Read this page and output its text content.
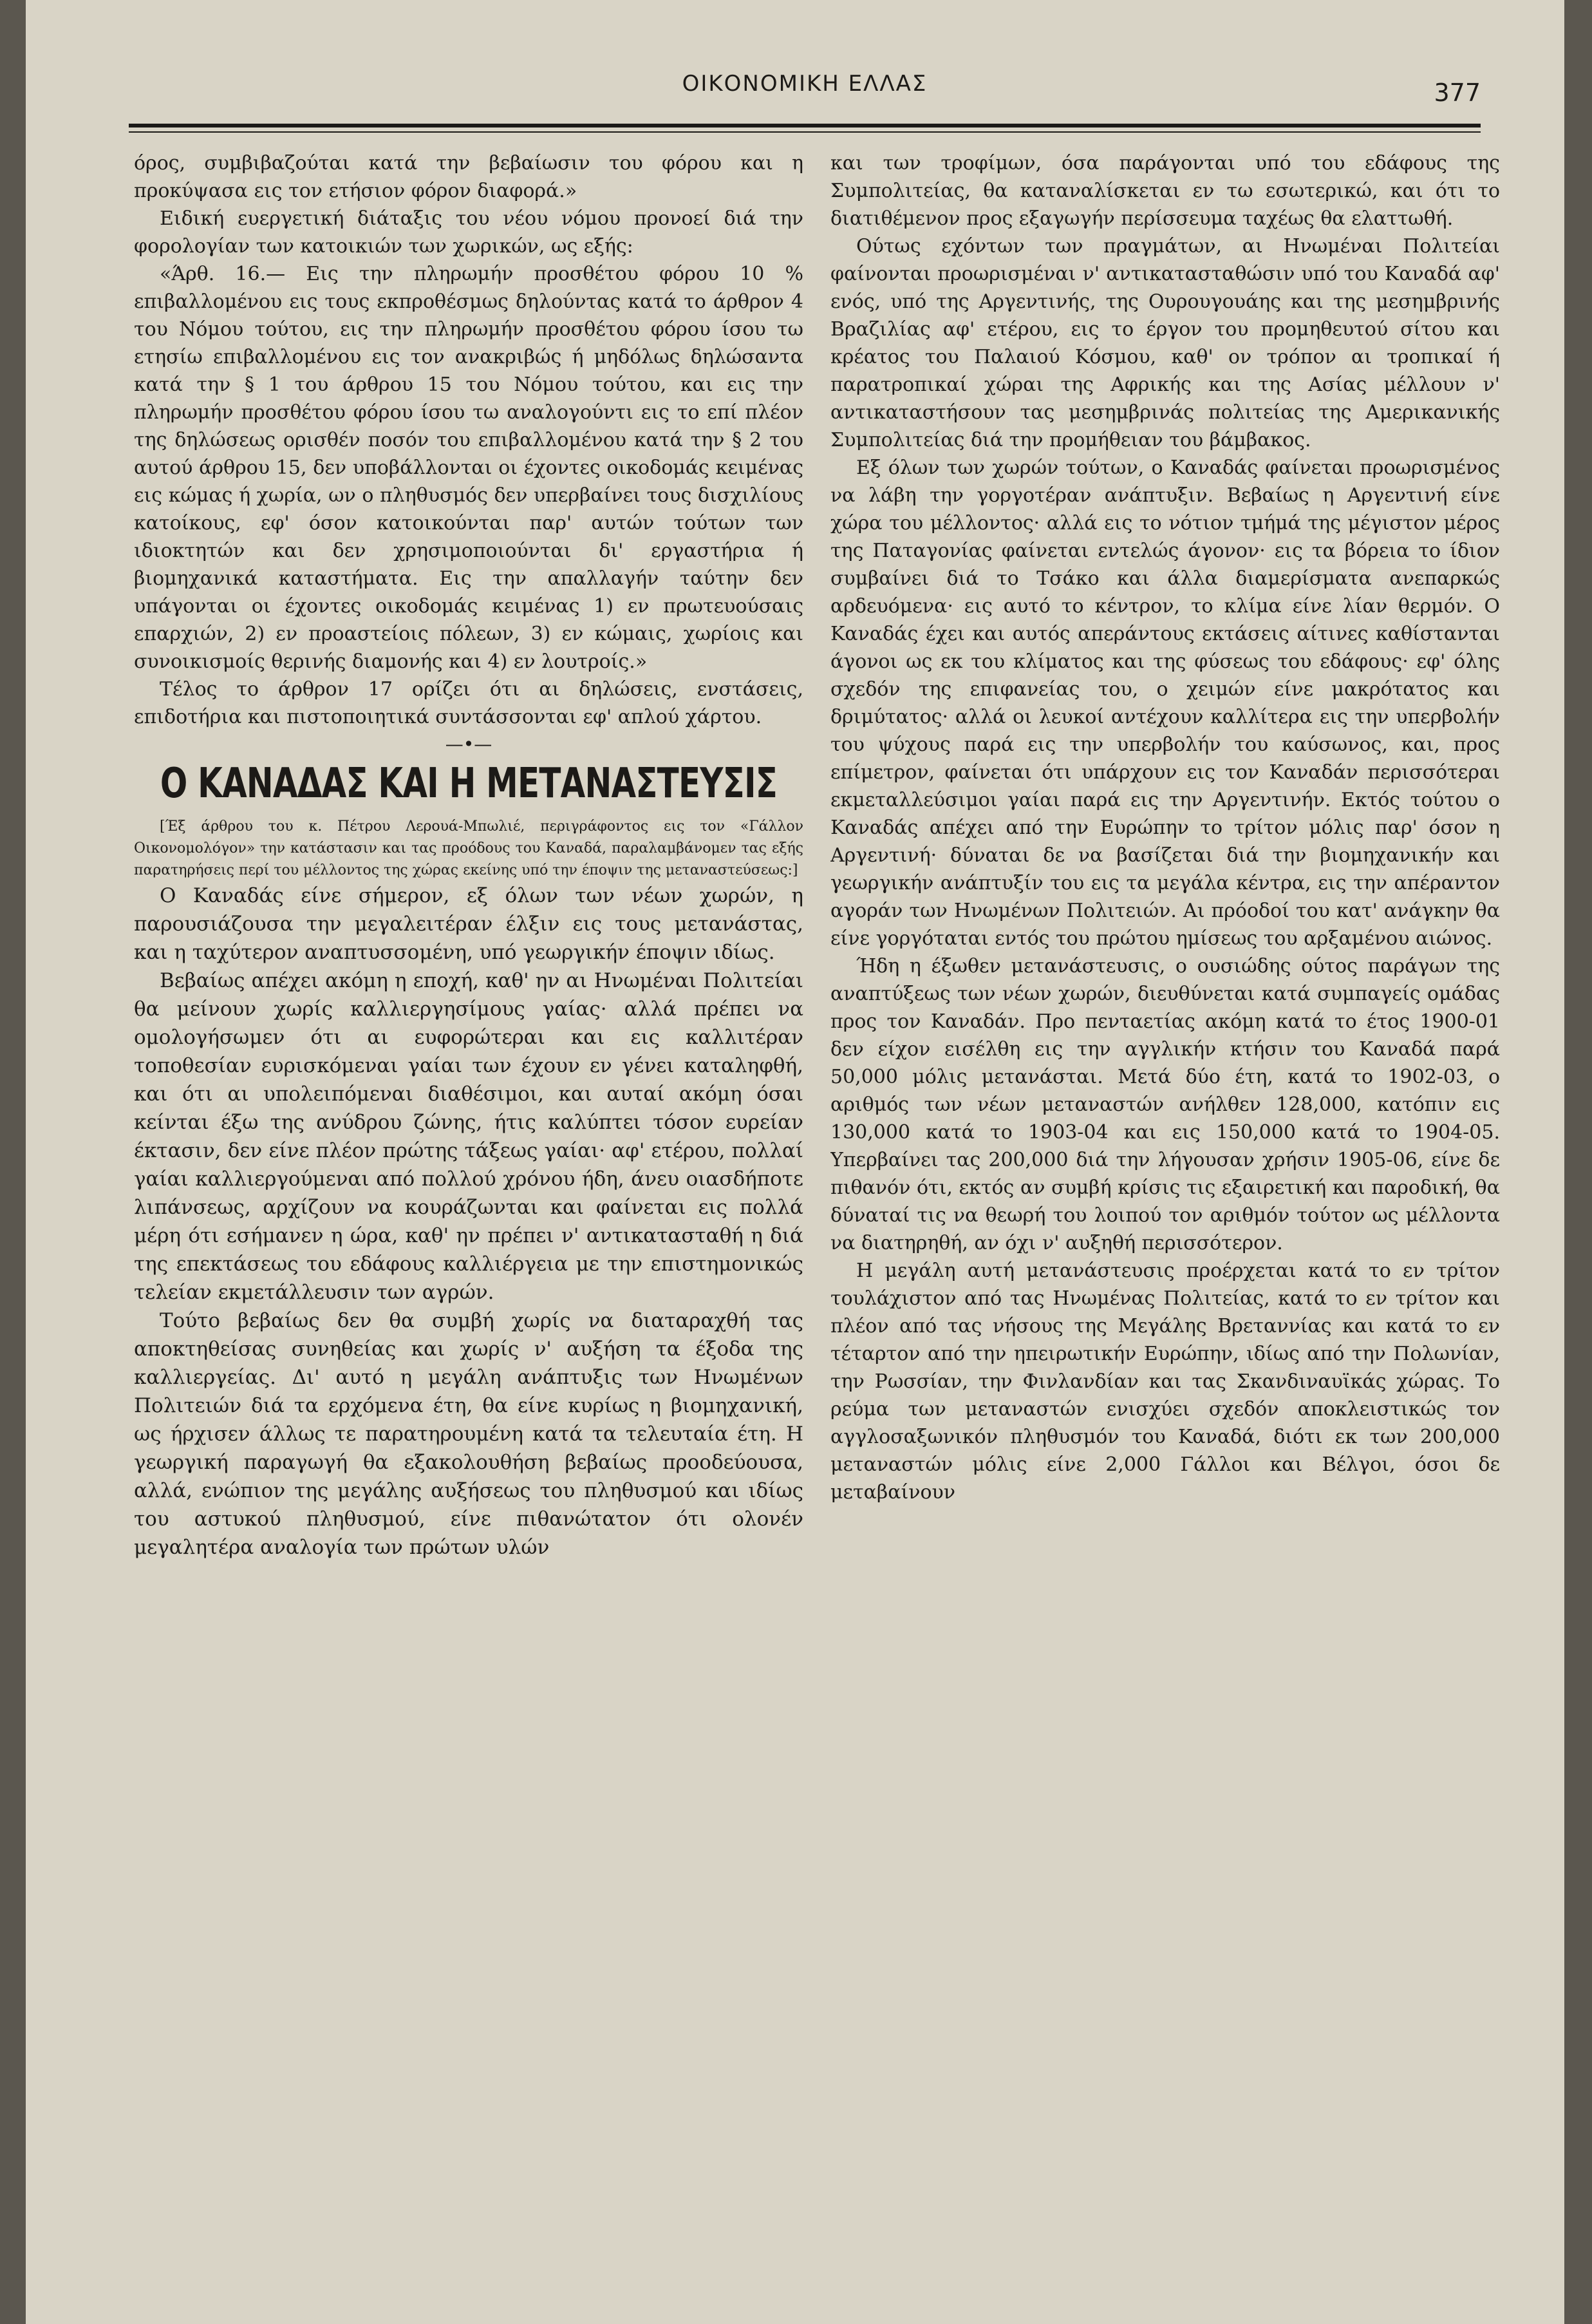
ΟΙΚΟΝΟΜΙΚΗ ΕΛΛΑΣ	377

όρος, συμβιβαζούται κατά την βεβαίωσιν του φόρου και η προκύψασα εις τον ετήσιον φόρον διαφορά.»

Ειδική ευεργετική διάταξις του νέου νόμου προνοεί διά την φορολογίαν των κατοικιών των χωρικών, ως εξής:

«Άρθ. 16.— Εις την πληρωμήν προσθέτου φόρου 10 % επιβαλλομένου εις τους εκπροθέσμως δηλούντας κατά το άρθρον 4 του Νόμου τούτου, εις την πληρωμήν προσθέτου φόρου ίσου τω ετησίω επιβαλλομένου εις τον ανακριβώς ή μηδόλως δηλώσαντα κατά την § 1 του άρθρου 15 του Νόμου τούτου, και εις την πληρωμήν προσθέτου φόρου ίσου τω αναλογούντι εις το επί πλέον της δηλώσεως ορισθέν ποσόν του επιβαλλομένου κατά την § 2 του αυτού άρθρου 15, δεν υποβάλλονται οι έχοντες οικοδομάς κειμένας εις κώμας ή χωρία, ων ο πληθυσμός δεν υπερβαίνει τους δισχιλίους κατοίκους, εφ' όσον κατοικούνται παρ' αυτών τούτων των ιδιοκτητών και δεν χρησιμοποιούνται δι' εργαστήρια ή βιομηχανικά καταστήματα. Εις την απαλλαγήν ταύτην δεν υπάγονται οι έχοντες οικοδομάς κειμένας 1) εν πρωτευούσαις επαρχιών, 2) εν προαστείοις πόλεων, 3) εν κώμαις, χωρίοις και συνοικισμοίς θερινής διαμονής και 4) εν λουτροίς.»

Τέλος το άρθρον 17 ορίζει ότι αι δηλώσεις, ενστάσεις, επιδοτήρια και πιστοποιητικά συντάσσονται εφ' απλού χάρτου.

—•—
Ο ΚΑΝΑΔΑΣ ΚΑΙ Η ΜΕΤΑΝΑΣΤΕΥΣΙΣ

[Έξ άρθρου του κ. Πέτρου Λερουά-Μπωλιέ, περιγράφοντος εις τον «Γάλλον Οικονομολόγον» την κατάστασιν και τας προόδους του Καναδά, παραλαμβάνομεν τας εξής παρατηρήσεις περί του μέλλοντος της χώρας εκείνης υπό την έποψιν της μεταναστεύσεως:]

Ο Καναδάς είνε σήμερον, εξ όλων των νέων χωρών, η παρουσιάζουσα την μεγαλειτέραν έλξιν εις τους μετανάστας, και η ταχύτερον αναπτυσσομένη, υπό γεωργικήν έποψιν ιδίως.

Βεβαίως απέχει ακόμη η εποχή, καθ' ην αι Ηνωμέναι Πολιτείαι θα μείνουν χωρίς καλλιεργησίμους γαίας· αλλά πρέπει να ομολογήσωμεν ότι αι ευφορώτεραι και εις καλλιτέραν τοποθεσίαν ευρισκόμεναι γαίαι των έχουν εν γένει καταληφθή, και ότι αι υπολειπόμεναι διαθέσιμοι, και αυταί ακόμη όσαι κείνται έξω της ανύδρου ζώνης, ήτις καλύπτει τόσον ευρείαν έκτασιν, δεν είνε πλέον πρώτης τάξεως γαίαι· αφ' ετέρου, πολλαί γαίαι καλλιεργούμεναι από πολλού χρόνου ήδη, άνευ οιασδήποτε λιπάνσεως, αρχίζουν να κουράζωνται και φαίνεται εις πολλά μέρη ότι εσήμανεν η ώρα, καθ' ην πρέπει ν' αντικατασταθή η διά της επεκτάσεως του εδάφους καλλιέργεια με την επιστημονικώς τελείαν εκμετάλλευσιν των αγρών.

Τούτο βεβαίως δεν θα συμβή χωρίς να διαταραχθή τας αποκτηθείσας συνηθείας και χωρίς ν' αυξήση τα έξοδα της καλλιεργείας. Δι' αυτό η μεγάλη ανάπτυξις των Ηνωμένων Πολιτειών διά τα ερχόμενα έτη, θα είνε κυρίως η βιομηχανική, ως ήρχισεν άλλως τε παρατηρουμένη κατά τα τελευταία έτη. Η γεωργική παραγωγή θα εξακολουθήση βεβαίως προοδεύουσα, αλλά, ενώπιον της μεγάλης αυξήσεως του πληθυσμού και ιδίως του αστυκού πληθυσμού, είνε πιθανώτατον ότι ολονέν μεγαλητέρα αναλογία των πρώτων υλών

και των τροφίμων, όσα παράγονται υπό του εδάφους της Συμπολιτείας, θα καταναλίσκεται εν τω εσωτερικώ, και ότι το διατιθέμενον προς εξαγωγήν περίσσευμα ταχέως θα ελαττωθή.

Ούτως εχόντων των πραγμάτων, αι Ηνωμέναι Πολιτείαι φαίνονται προωρισμέναι ν' αντικατασταθώσιν υπό του Καναδά αφ' ενός, υπό της Αργεντινής, της Ουρουγουάης και της μεσημβρινής Βραζιλίας αφ' ετέρου, εις το έργον του προμηθευτού σίτου και κρέατος του Παλαιού Κόσμου, καθ' ον τρόπον αι τροπικαί ή παρατροπικαί χώραι της Αφρικής και της Ασίας μέλλουν ν' αντικαταστήσουν τας μεσημβρινάς πολιτείας της Αμερικανικής Συμπολιτείας διά την προμήθειαν του βάμβακος.

Εξ όλων των χωρών τούτων, ο Καναδάς φαίνεται προωρισμένος να λάβη την γοργοτέραν ανάπτυξιν. Βεβαίως η Αργεντινή είνε χώρα του μέλλοντος· αλλά εις το νότιον τμήμά της μέγιστον μέρος της Παταγονίας φαίνεται εντελώς άγονον· εις τα βόρεια το ίδιον συμβαίνει διά το Τσάκο και άλλα διαμερίσματα ανεπαρκώς αρδευόμενα· εις αυτό το κέντρον, το κλίμα είνε λίαν θερμόν. Ο Καναδάς έχει και αυτός απεράντους εκτάσεις αίτινες καθίστανται άγονοι ως εκ του κλίματος και της φύσεως του εδάφους· εφ' όλης σχεδόν της επιφανείας του, ο χειμών είνε μακρότατος και δριμύτατος· αλλά οι λευκοί αντέχουν καλλίτερα εις την υπερβολήν του ψύχους παρά εις την υπερβολήν του καύσωνος, και, προς επίμετρον, φαίνεται ότι υπάρχουν εις τον Καναδάν περισσότεραι εκμεταλλεύσιμοι γαίαι παρά εις την Αργεντινήν. Εκτός τούτου ο Καναδάς απέχει από την Ευρώπην το τρίτον μόλις παρ' όσον η Αργεντινή· δύναται δε να βασίζεται διά την βιομηχανικήν και γεωργικήν ανάπτυξίν του εις τα μεγάλα κέντρα, εις την απέραντον αγοράν των Ηνωμένων Πολιτειών. Αι πρόοδοί του κατ' ανάγκην θα είνε γοργόταται εντός του πρώτου ημίσεως του αρξαμένου αιώνος.

Ήδη η έξωθεν μετανάστευσις, ο ουσιώδης ούτος παράγων της αναπτύξεως των νέων χωρών, διευθύνεται κατά συμπαγείς ομάδας προς τον Καναδάν. Προ πενταετίας ακόμη κατά το έτος 1900-01 δεν είχον εισέλθη εις την αγγλικήν κτήσιν του Καναδά παρά 50,000 μόλις μετανάσται. Μετά δύο έτη, κατά το 1902-03, ο αριθμός των νέων μεταναστών ανήλθεν 128,000, κατόπιν εις 130,000 κατά το 1903-04 και εις 150,000 κατά το 1904-05. Υπερβαίνει τας 200,000 διά την λήγουσαν χρήσιν 1905-06, είνε δε πιθανόν ότι, εκτός αν συμβή κρίσις τις εξαιρετική και παροδική, θα δύναταί τις να θεωρή του λοιπού τον αριθμόν τούτον ως μέλλοντα να διατηρηθή, αν όχι ν' αυξηθή περισσότερον.

Η μεγάλη αυτή μετανάστευσις προέρχεται κατά το εν τρίτον τουλάχιστον από τας Ηνωμένας Πολιτείας, κατά το εν τρίτον και πλέον από τας νήσους της Μεγάλης Βρεταννίας και κατά το εν τέταρτον από την ηπειρωτικήν Ευρώπην, ιδίως από την Πολωνίαν, την Ρωσσίαν, την Φινλανδίαν και τας Σκανδιναυϊκάς χώρας. Το ρεύμα των μεταναστών ενισχύει σχεδόν αποκλειστικώς τον αγγλοσαξωνικόν πληθυσμόν του Καναδά, διότι εκ των 200,000 μεταναστών μόλις είνε 2,000 Γάλλοι και Βέλγοι, όσοι δε μεταβαίνουν
